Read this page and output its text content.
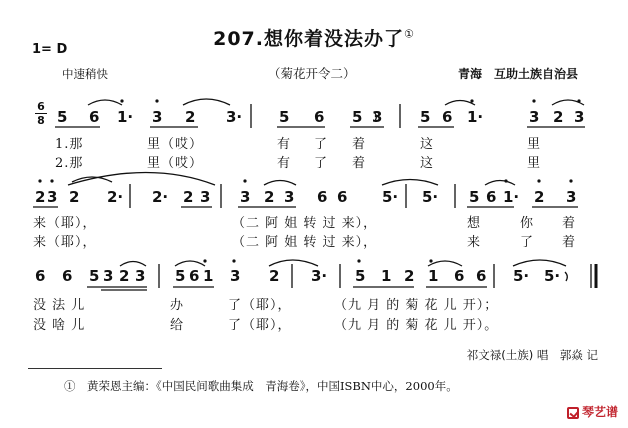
207.想你着没法办了①
1= D
中速稍快	（菊花开令二）	青海　互助土族自治县
6
8 5 6 1· 3 2 3· 5 6 5 3	5 6 1·	3 2 3
1.那	里（哎）	有 了 着	这	里
2.那	里（哎）	有 了 着	这	里
2 3 2 2· 2· 2 3 3 2 3 6 6 5· 5· 5 6 1· 2 3
来（耶），	（二 阿 姐 转 过 来），	想	你 着
来（耶），	（二 阿 姐 转 过 来），	来	了 着
6 6 5 3 2 3 5 6 1 3 2 3· 5 1 2 1 6 6 5· 5·
没 法 儿	办	了（耶），	（九 月 的 菊 花 儿 开）；
没 啥 儿	给	了（耶），	（九 月 的 菊 花 儿 开）。
祁文禄(土族) 唱　郭焱 记
①　黄荣恩主编：《中国民间歌曲集成　青海卷》，中国ISBN中心，2000年。
琴艺谱
